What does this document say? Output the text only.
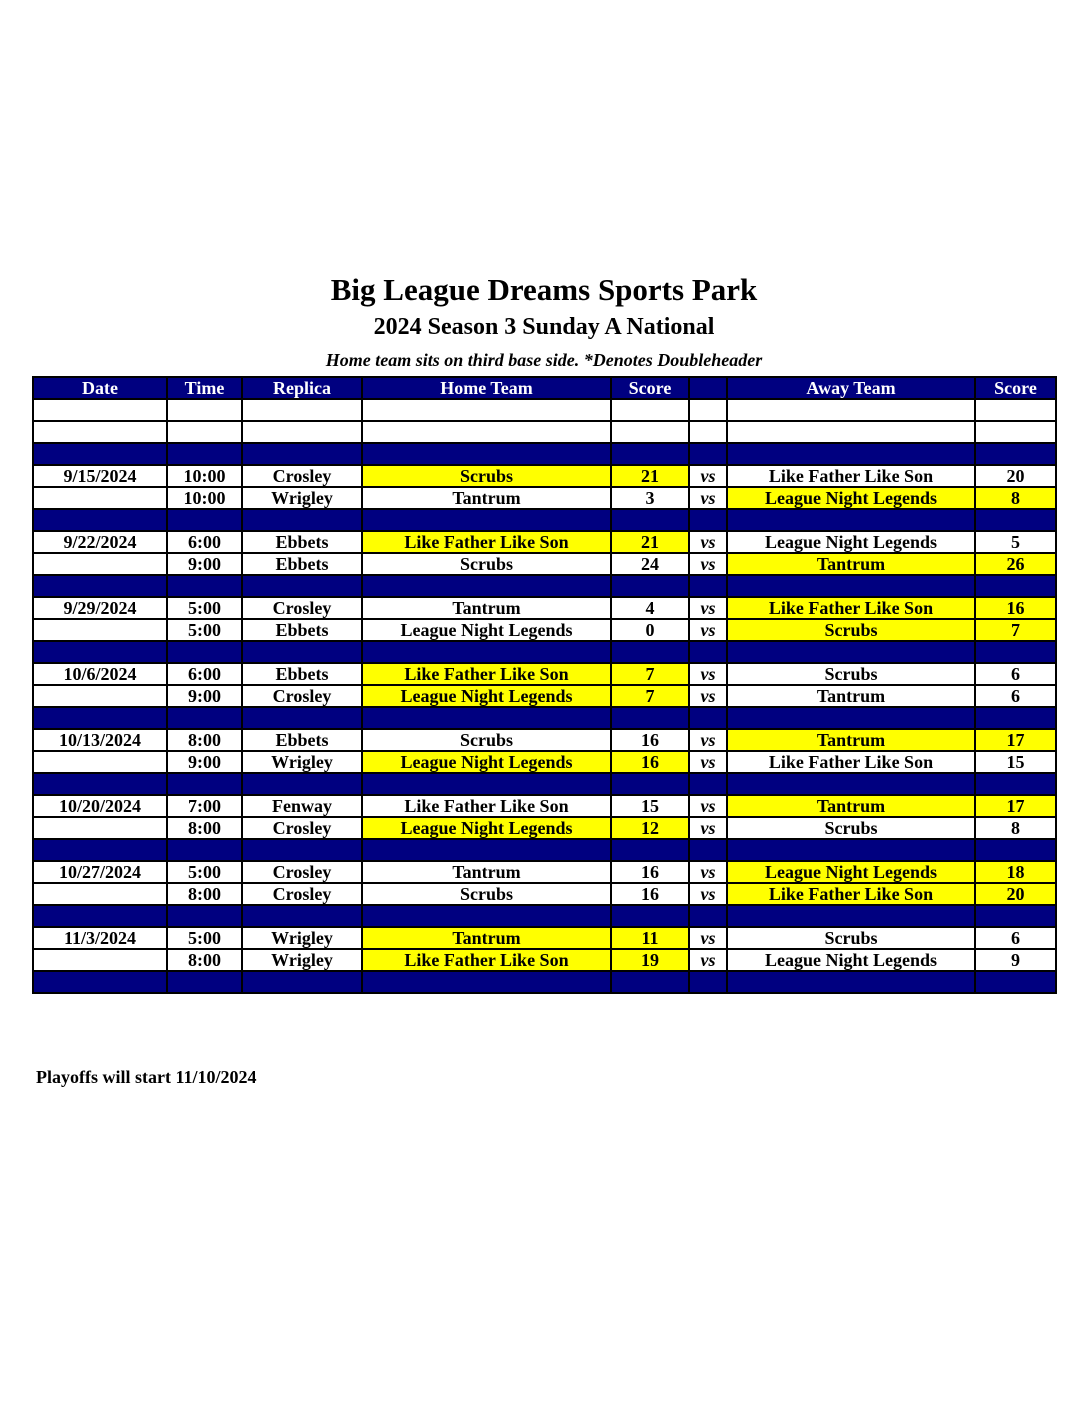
Big League Dreams Sports Park
2024 Season 3 Sunday A National
Home team sits on third base side. *Denotes Doubleheader
Date	Time	Replica	Home Team	Score		Away Team	Score

9/15/2024	10:00	Crosley	Scrubs	21	vs	Like Father Like Son	20
	10:00	Wrigley	Tantrum	3	vs	League Night Legends	8

9/22/2024	6:00	Ebbets	Like Father Like Son	21	vs	League Night Legends	5
	9:00	Ebbets	Scrubs	24	vs	Tantrum	26

9/29/2024	5:00	Crosley	Tantrum	4	vs	Like Father Like Son	16
	5:00	Ebbets	League Night Legends	0	vs	Scrubs	7

10/6/2024	6:00	Ebbets	Like Father Like Son	7	vs	Scrubs	6
	9:00	Crosley	League Night Legends	7	vs	Tantrum	6

10/13/2024	8:00	Ebbets	Scrubs	16	vs	Tantrum	17
	9:00	Wrigley	League Night Legends	16	vs	Like Father Like Son	15

10/20/2024	7:00	Fenway	Like Father Like Son	15	vs	Tantrum	17
	8:00	Crosley	League Night Legends	12	vs	Scrubs	8

10/27/2024	5:00	Crosley	Tantrum	16	vs	League Night Legends	18
	8:00	Crosley	Scrubs	16	vs	Like Father Like Son	20

11/3/2024	5:00	Wrigley	Tantrum	11	vs	Scrubs	6
	8:00	Wrigley	Like Father Like Son	19	vs	League Night Legends	9

Playoffs will start 11/10/2024
